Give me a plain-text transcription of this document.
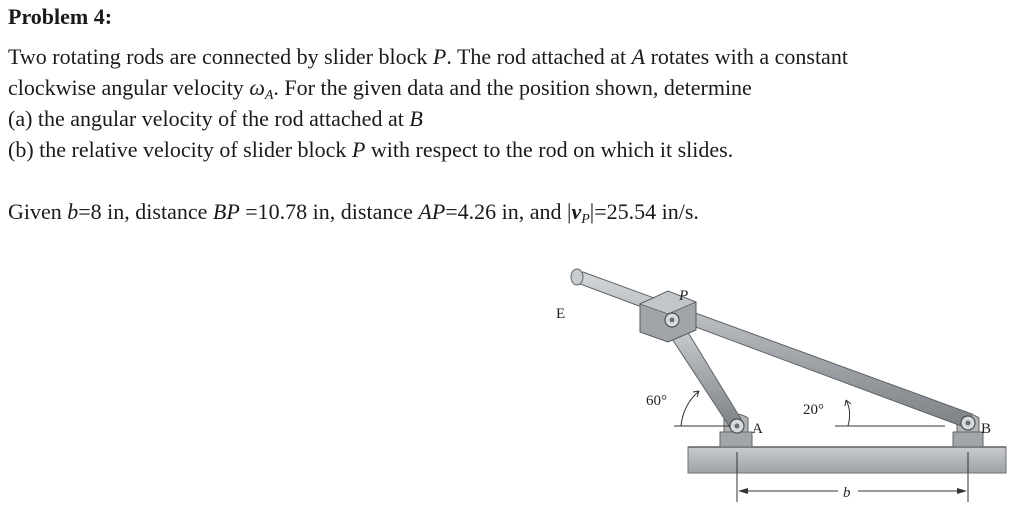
Problem 4:
Two rotating rods are connected by slider block P. The rod attached at A rotates with a constant
clockwise angular velocity $\omega_A$. For the given data and the position shown, determine
(a) the angular velocity of the rod attached at B
(b) the relative velocity of slider block P with respect to the rod on which it slides.
Given b=8 in, distance BP =10.78 in, distance AP=4.26 in, and $|v_P|=25.54$ in/s.
E
P
A	B
b
60°
20°
